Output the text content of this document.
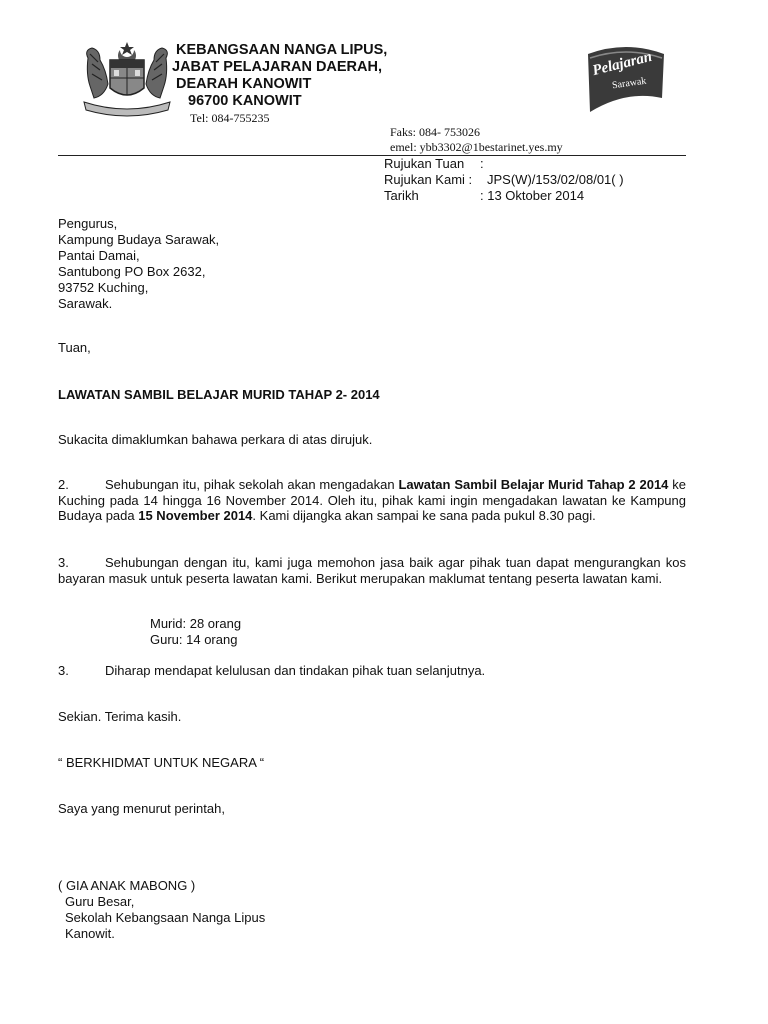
KEBANGSAAN NANGA LIPUS,
JABAT PELAJARAN DAERAH,
DEARAH KANOWIT
96700 KANOWIT
Tel: 084-755235
Faks: 084- 753026
emel: ybb3302@1bestarinet.yes.my
Pelajaran
Sarawak
Rujukan Tuan	:
Rujukan Kami :	JPS(W)/153/02/08/01( )
Tarikh	: 13 Oktober 2014
Pengurus,
Kampung Budaya Sarawak,
Pantai Damai,
Santubong PO Box 2632,
93752 Kuching,
Sarawak.
Tuan,
LAWATAN SAMBIL BELAJAR MURID TAHAP 2- 2014
Sukacita dimaklumkan bahawa perkara di atas dirujuk.
2.	Sehubungan itu, pihak sekolah akan mengadakan Lawatan Sambil Belajar Murid Tahap 2 2014 ke Kuching pada 14 hingga 16 November 2014. Oleh itu, pihak kami ingin mengadakan lawatan ke Kampung Budaya pada 15 November 2014. Kami dijangka akan sampai ke sana pada pukul 8.30 pagi.
3.	Sehubungan dengan itu, kami juga memohon jasa baik agar pihak tuan dapat mengurangkan kos bayaran masuk untuk peserta lawatan kami. Berikut merupakan maklumat tentang peserta lawatan kami.
Murid: 28 orang
Guru: 14 orang
3.	Diharap mendapat kelulusan dan tindakan pihak tuan selanjutnya.
Sekian. Terima kasih.
“ BERKHIDMAT UNTUK NEGARA “
Saya yang menurut perintah,
( GIA ANAK MABONG )
Guru Besar,
Sekolah Kebangsaan Nanga Lipus
Kanowit.
